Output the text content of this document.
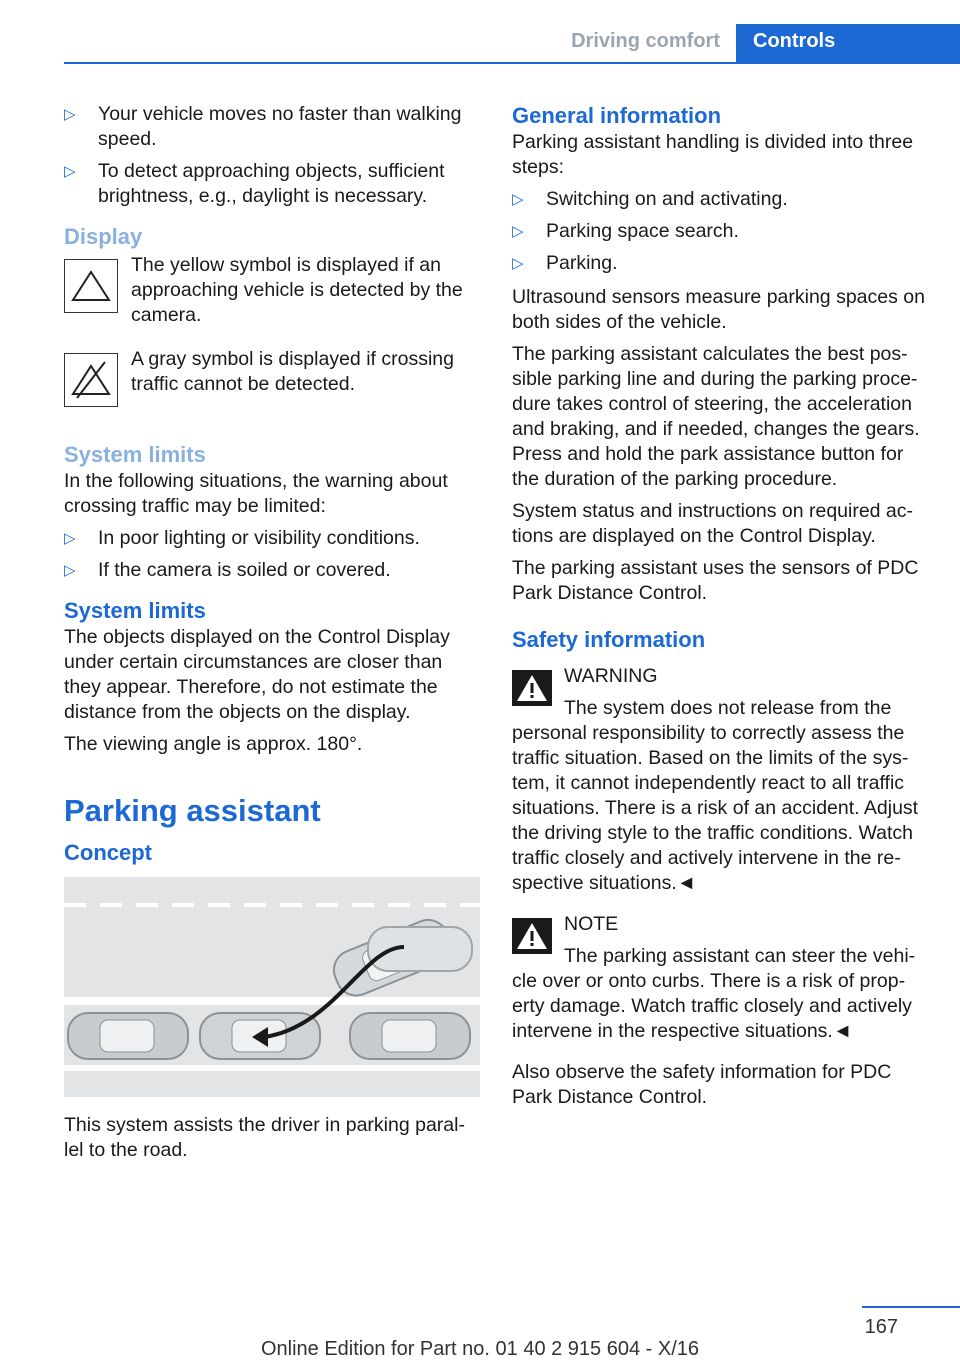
Driving comfort Controls
▷ Your vehicle moves no faster than walking speed.
▷ To detect approaching objects, sufficient brightness, e.g., daylight is necessary.
Display

The yellow symbol is displayed if an approaching vehicle is detected by the camera.

A gray symbol is displayed if crossing traffic cannot be detected.

System limits

In the following situations, the warning about crossing traffic may be limited:

▷ In poor lighting or visibility conditions.
▷ If the camera is soiled or covered.
System limits

The objects displayed on the Control Display under certain circumstances are closer than they appear. Therefore, do not estimate the distance from the objects on the display.

The viewing angle is approx. 180°.

Parking assistant
Concept

This system assists the driver in parking paral‐lel to the road.

General information

Parking assistant handling is divided into three steps:

▷ Switching on and activating.
▷ Parking space search.
▷ Parking.

Ultrasound sensors measure parking spaces on both sides of the vehicle.

The parking assistant calculates the best pos‐sible parking line and during the parking proce‐dure takes control of steering, the acceleration and braking, and if needed, changes the gears. Press and hold the park assistance button for the duration of the parking procedure.

System status and instructions on required ac‐tions are displayed on the Control Display.

The parking assistant uses the sensors of PDC Park Distance Control.

Safety information
WARNING

The system does not release from the personal responsibility to correctly assess the traffic situation. Based on the limits of the sys‐tem, it cannot independently react to all traffic situations. There is a risk of an accident. Adjust the driving style to the traffic conditions. Watch traffic closely and actively intervene in the re‐spective situations.◄

NOTE

The parking assistant can steer the vehi‐cle over or onto curbs. There is a risk of prop‐erty damage. Watch traffic closely and actively intervene in the respective situations.◄

Also observe the safety information for PDC Park Distance Control.

167
Online Edition for Part no. 01 40 2 915 604 - X/16
